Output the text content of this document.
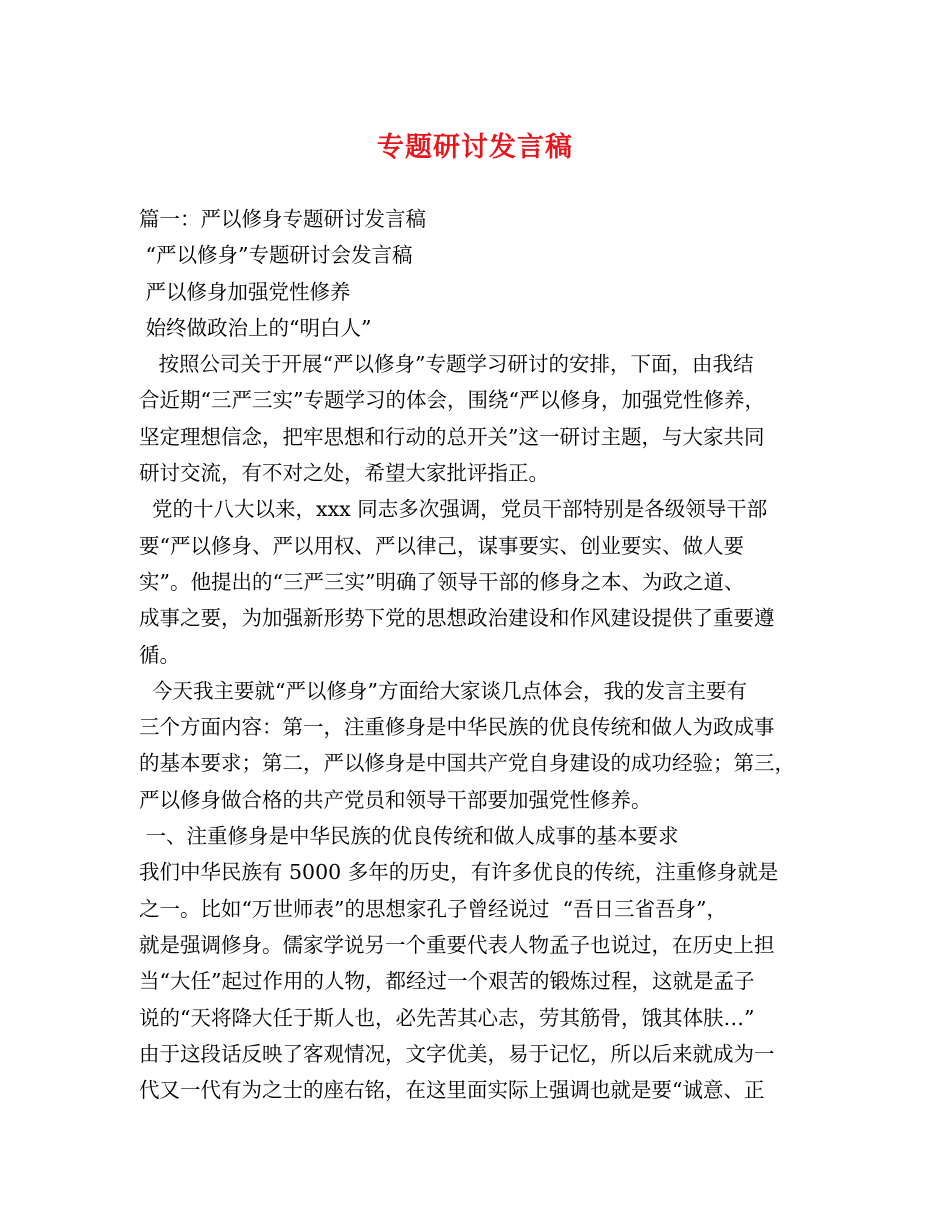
专题研讨发言稿
篇一：严以修身专题研讨发言稿
“严以修身”专题研讨会发言稿
严以修身加强党性修养
始终做政治上的“明白人”
按照公司关于开展“严以修身”专题学习研讨的安排，下面，由我结
合近期“三严三实”专题学习的体会，围绕“严以修身，加强党性修养，
坚定理想信念，把牢思想和行动的总开关”这一研讨主题，与大家共同
研讨交流，有不对之处，希望大家批评指正。
党的十八大以来，xxx 同志多次强调，党员干部特别是各级领导干部
要“严以修身、严以用权、严以律己，谋事要实、创业要实、做人要
实”。他提出的“三严三实”明确了领导干部的修身之本、为政之道、
成事之要，为加强新形势下党的思想政治建设和作风建设提供了重要遵
循。
今天我主要就“严以修身”方面给大家谈几点体会，我的发言主要有
三个方面内容：第一，注重修身是中华民族的优良传统和做人为政成事
的基本要求；第二，严以修身是中国共产党自身建设的成功经验；第三，
严以修身做合格的共产党员和领导干部要加强党性修养。
一、注重修身是中华民族的优良传统和做人成事的基本要求
我们中华民族有 5000 多年的历史，有许多优良的传统，注重修身就是
之一。比如“万世师表”的思想家孔子曾经说过  “吾日三省吾身”，
就是强调修身。儒家学说另一个重要代表人物孟子也说过，在历史上担
当“大任”起过作用的人物，都经过一个艰苦的锻炼过程，这就是孟子
说的“天将降大任于斯人也，必先苦其心志，劳其筋骨，饿其体肤…”
由于这段话反映了客观情况，文字优美，易于记忆，所以后来就成为一
代又一代有为之士的座右铭，在这里面实际上强调也就是要“诚意、正
